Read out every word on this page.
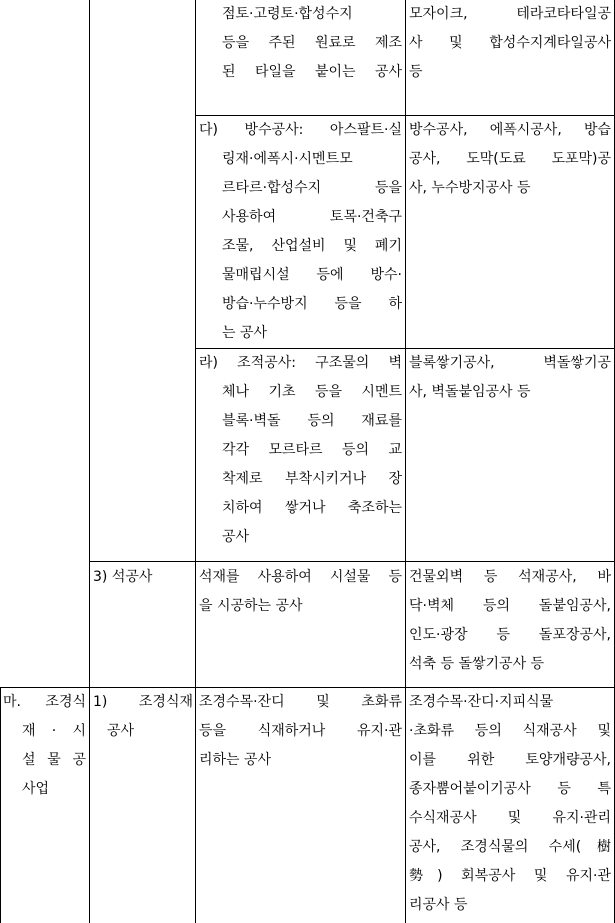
점토·고령토·합성수지
등을 주된 원료로 제조
된 타일을 붙이는 공사
모자이크, 테라코타타일공
사 및 합성수지계타일공사
등
다) 방수공사: 아스팔트·실
링재·에폭시·시멘트모
르타르·합성수지 등을
사용하여 토목·건축구
조물, 산업설비 및 폐기
물매립시설 등에 방수·
방습·누수방지 등을 하
는 공사
방수공사, 에폭시공사, 방습
공사, 도막(도료 도포막)공
사, 누수방지공사 등
라) 조적공사: 구조물의 벽
체나 기초 등을 시멘트
블록·벽돌 등의 재료를
각각 모르타르 등의 교
착제로 부착시키거나 장
치하여 쌓거나 축조하는
공사
블록쌓기공사, 벽돌쌓기공
사, 벽돌붙임공사 등
3) 석공사	석재를 사용하여 시설물 등
을 시공하는 공사
건물외벽 등 석재공사, 바
닥·벽체 등의 돌붙임공사,
인도·광장 등 돌포장공사,
석축 등 돌쌓기공사 등
마. 조경식
재 · 시
설 물 공
사업
1) 조경식재
공사
조경수목·잔디 및 초화류
등을 식재하거나 유지·관
리하는 공사
조경수목·잔디·지피식물
·초화류 등의 식재공사 및
이를 위한 토양개량공사,
종자뿜어붙이기공사 등 특
수식재공사 및 유지·관리
공사, 조경식물의 수세(樹
勢) 회복공사 및 유지·관
리공사 등
